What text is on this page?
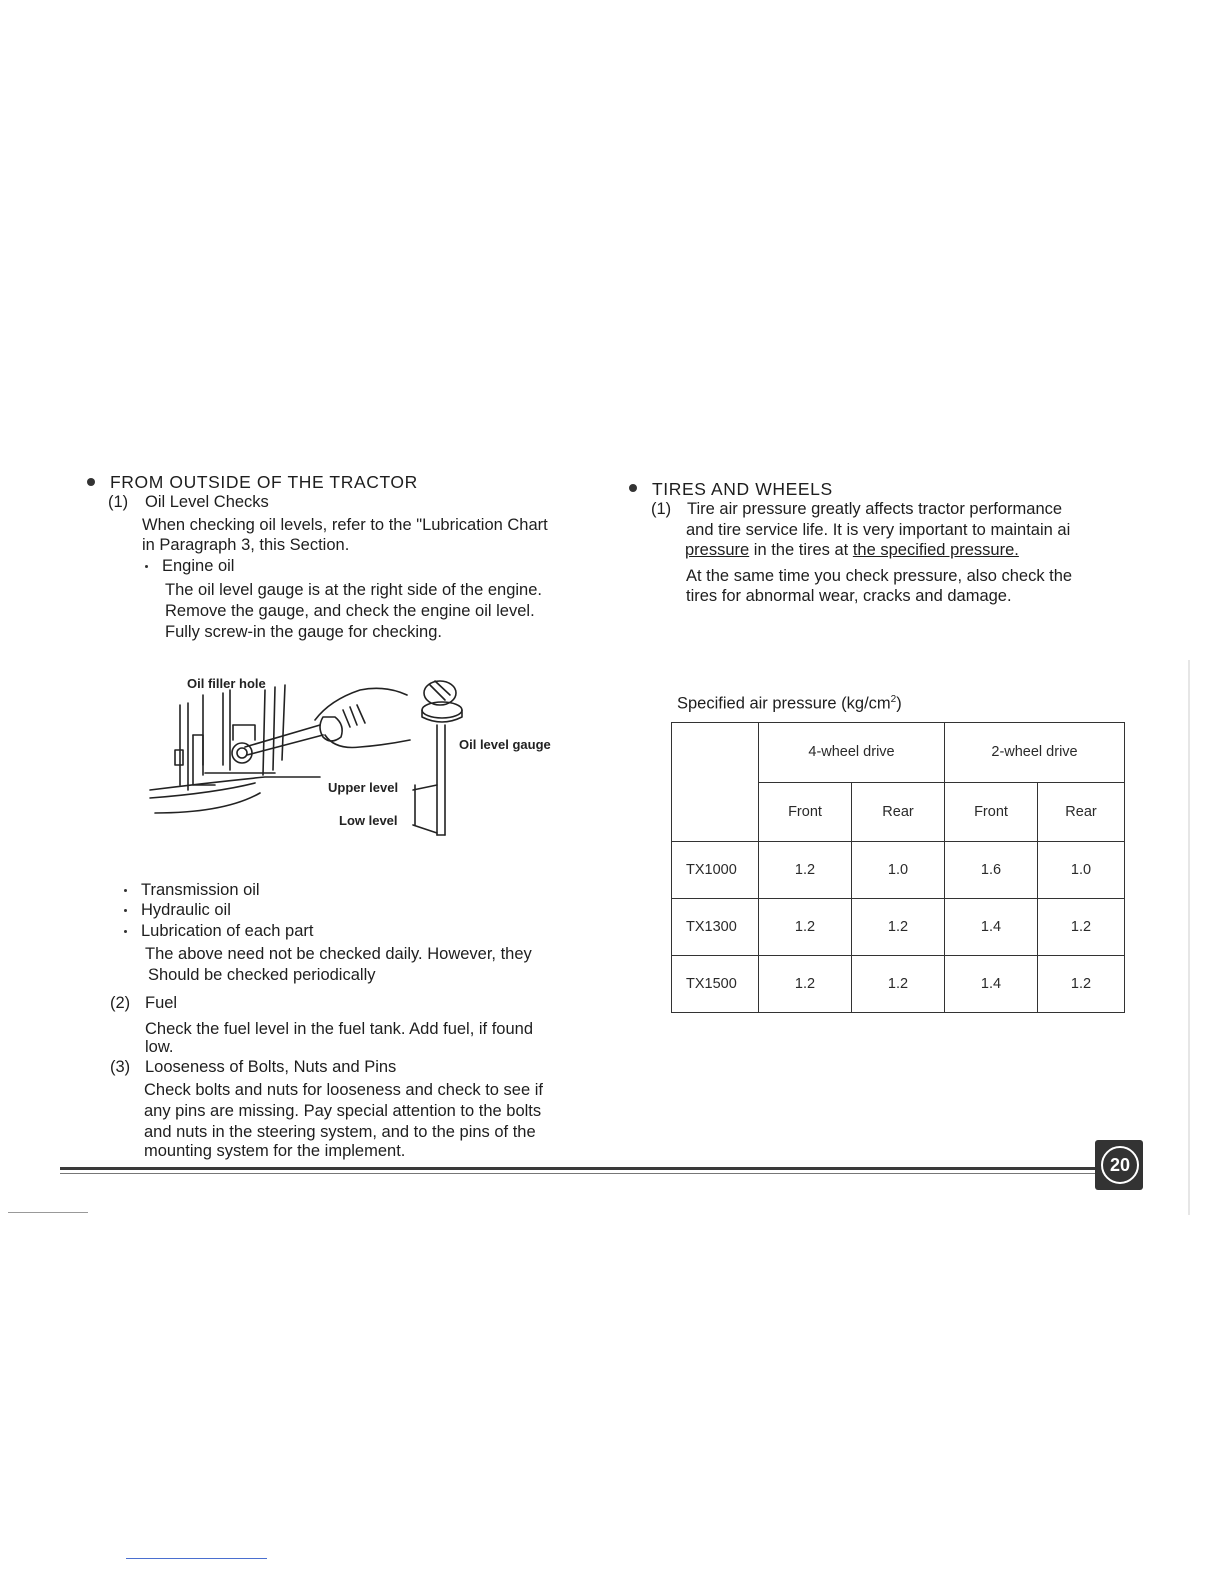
FROM OUTSIDE OF THE TRACTOR
(1) Oil Level Checks
When checking oil levels, refer to the "Lubrication Chart
in Paragraph 3, this Section.
Engine oil
The oil level gauge is at the right side of the engine.
Remove the gauge, and check the engine oil level.
Fully screw-in the gauge for checking.
Oil filler hole
Oil level gauge
Upper level
Low level
Transmission oil
Hydraulic oil
Lubrication of each part
The above need not be checked daily. However, they
Should be checked periodically
(2) Fuel
Check the fuel level in the fuel tank. Add fuel, if found
low.
(3) Looseness of Bolts, Nuts and Pins
Check bolts and nuts for looseness and check to see if
any pins are missing. Pay special attention to the bolts
and nuts in the steering system, and to the pins of the
mounting system for the implement.
TIRES AND WHEELS
(1) Tire air pressure greatly affects tractor performance
and tire service life. It is very important to maintain ai
pressure in the tires at the specified pressure.
At the same time you check pressure, also check the
tires for abnormal wear, cracks and damage.
Specified air pressure $(kg/cm^2)$
	4-wheel drive		2-wheel drive	
	Front	Rear	Front	Rear
TX1000	1.2	1.0	1.6	1.0
TX1300	1.2	1.2	1.4	1.2
TX1500	1.2	1.2	1.4	1.2
20
